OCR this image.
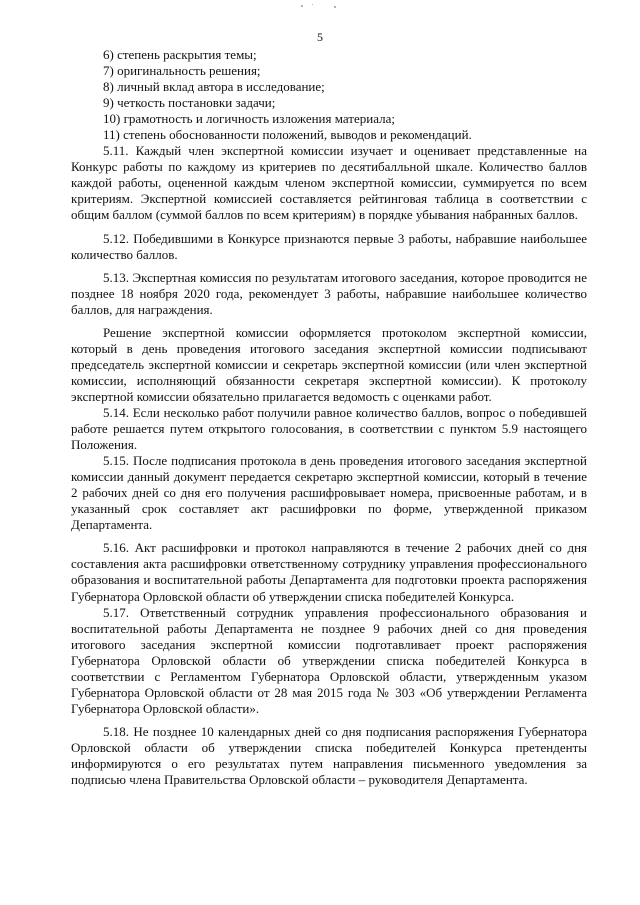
5
6) степень раскрытия темы;
7) оригинальность решения;
8) личный вклад автора в исследование;
9) четкость постановки задачи;
10) грамотность и логичность изложения материала;
11) степень обоснованности положений, выводов и рекомендаций.

5.11. Каждый член экспертной комиссии изучает и оценивает представленные на Конкурс работы по каждому из критериев по десятибалльной шкале. Количество баллов каждой работы, оцененной каждым членом экспертной комиссии, суммируется по всем критериям. Экспертной комиссией составляется рейтинговая таблица в соответствии с общим баллом (суммой баллов по всем критериям) в порядке убывания набранных баллов.

5.12. Победившими в Конкурсе признаются первые 3 работы, набравшие наибольшее количество баллов.

5.13. Экспертная комиссия по результатам итогового заседания, которое проводится не позднее 18 ноября 2020 года, рекомендует 3 работы, набравшие наибольшее количество баллов, для награждения.

Решение экспертной комиссии оформляется протоколом экспертной комиссии, который в день проведения итогового заседания экспертной комиссии подписывают председатель экспертной комиссии и секретарь экспертной комиссии (или член экспертной комиссии, исполняющий обязанности секретаря экспертной комиссии). К протоколу экспертной комиссии обязательно прилагается ведомость с оценками работ.

5.14. Если несколько работ получили равное количество баллов, вопрос о победившей работе решается путем открытого голосования, в соответствии с пунктом 5.9 настоящего Положения.

5.15. После подписания протокола в день проведения итогового заседания экспертной комиссии данный документ передается секретарю экспертной комиссии, который в течение 2 рабочих дней со дня его получения расшифровывает номера, присвоенные работам, и в указанный срок составляет акт расшифровки по форме, утвержденной приказом Департамента.

5.16. Акт расшифровки и протокол направляются в течение 2 рабочих дней со дня составления акта расшифровки ответственному сотруднику управления профессионального образования и воспитательной работы Департамента для подготовки проекта распоряжения Губернатора Орловской области об утверждении списка победителей Конкурса.

5.17. Ответственный сотрудник управления профессионального образования и воспитательной работы Департамента не позднее 9 рабочих дней со дня проведения итогового заседания экспертной комиссии подготавливает проект распоряжения Губернатора Орловской области об утверждении списка победителей Конкурса в соответствии с Регламентом Губернатора Орловской области, утвержденным указом Губернатора Орловской области от 28 мая 2015 года № 303 «Об утверждении Регламента Губернатора Орловской области».

5.18. Не позднее 10 календарных дней со дня подписания распоряжения Губернатора Орловской области об утверждении списка победителей Конкурса претенденты информируются о его результатах путем направления письменного уведомления за подписью члена Правительства Орловской области – руководителя Департамента.
